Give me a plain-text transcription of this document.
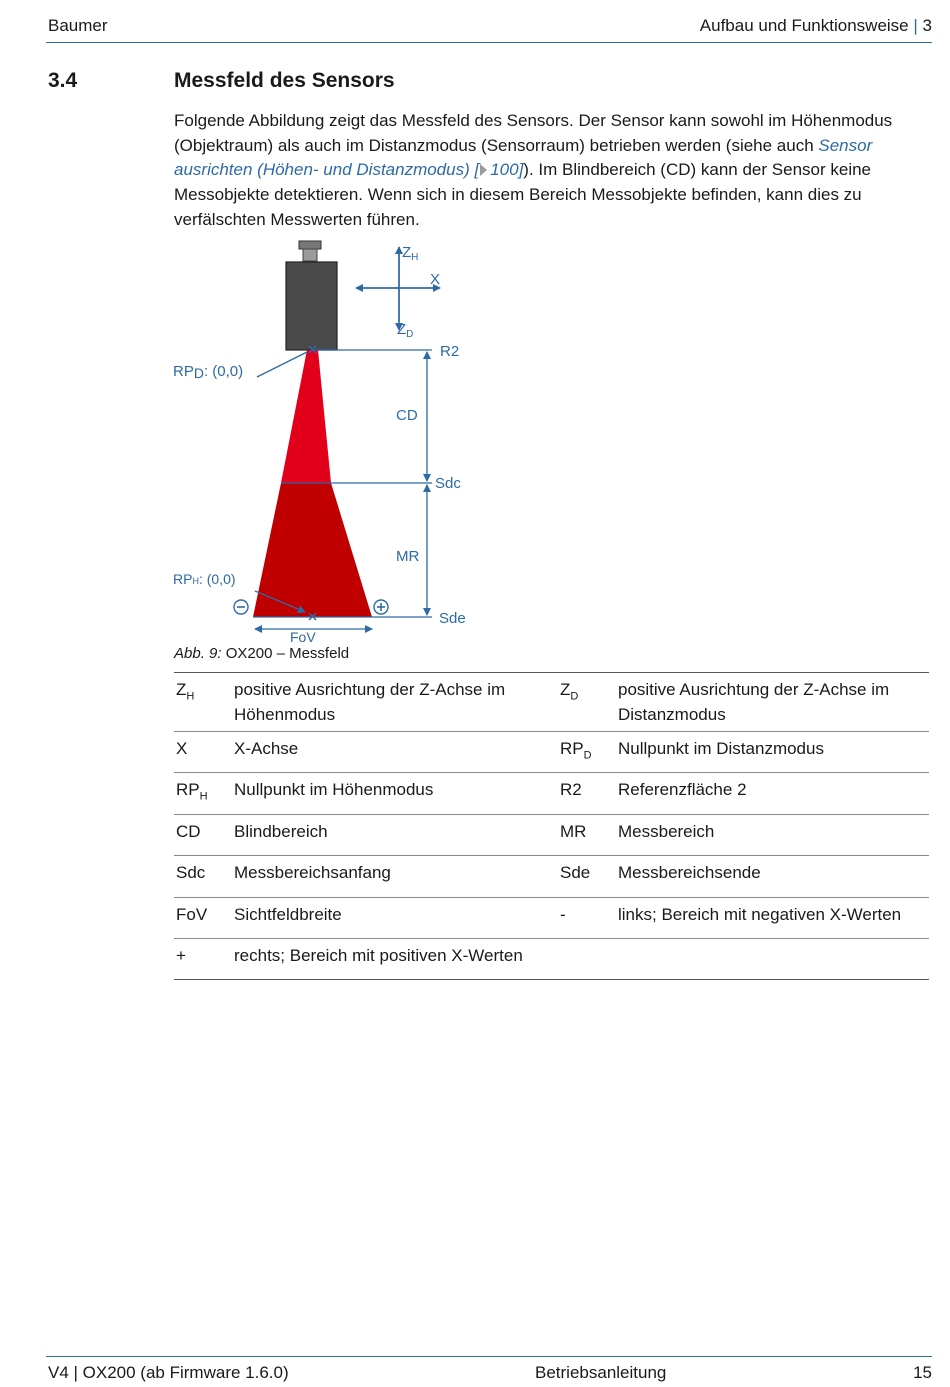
Baumer	Aufbau und Funktionsweise | 3
3.4	Messfeld des Sensors
Folgende Abbildung zeigt das Messfeld des Sensors. Der Sensor kann sowohl im Höhenmodus (Objektraum) als auch im Distanzmodus (Sensorraum) betrieben werden (siehe auch Sensor ausrichten (Höhen- und Distanzmodus) [ 100]). Im Blindbereich (CD) kann der Sensor keine Messobjekte detektieren. Wenn sich in diesem Bereich Messobjekte befinden, kann dies zu verfälschten Messwerten führen.
$Z_H$
X
$Z_D$
R2
RPD: (0,0)
CD
Sdc
MR
RPH: (0,0)
Sde
FoV
Abb. 9: OX200 – Messfeld
$Z_H$	positive Ausrichtung der Z-Achse im Höhenmodus	$Z_D$	positive Ausrichtung der Z-Achse im Distanzmodus
X	X-Achse	$RP_D$	Nullpunkt im Distanzmodus
$RP_H$	Nullpunkt im Höhenmodus	R2	Referenzfläche 2
CD	Blindbereich	MR	Messbereich
Sdc	Messbereichsanfang	Sde	Messbereichsende
FoV	Sichtfeldbreite	-	links; Bereich mit negativen X-Werten
+	rechts; Bereich mit positiven X-Werten		
V4 | OX200 (ab Firmware 1.6.0)	Betriebsanleitung	15
